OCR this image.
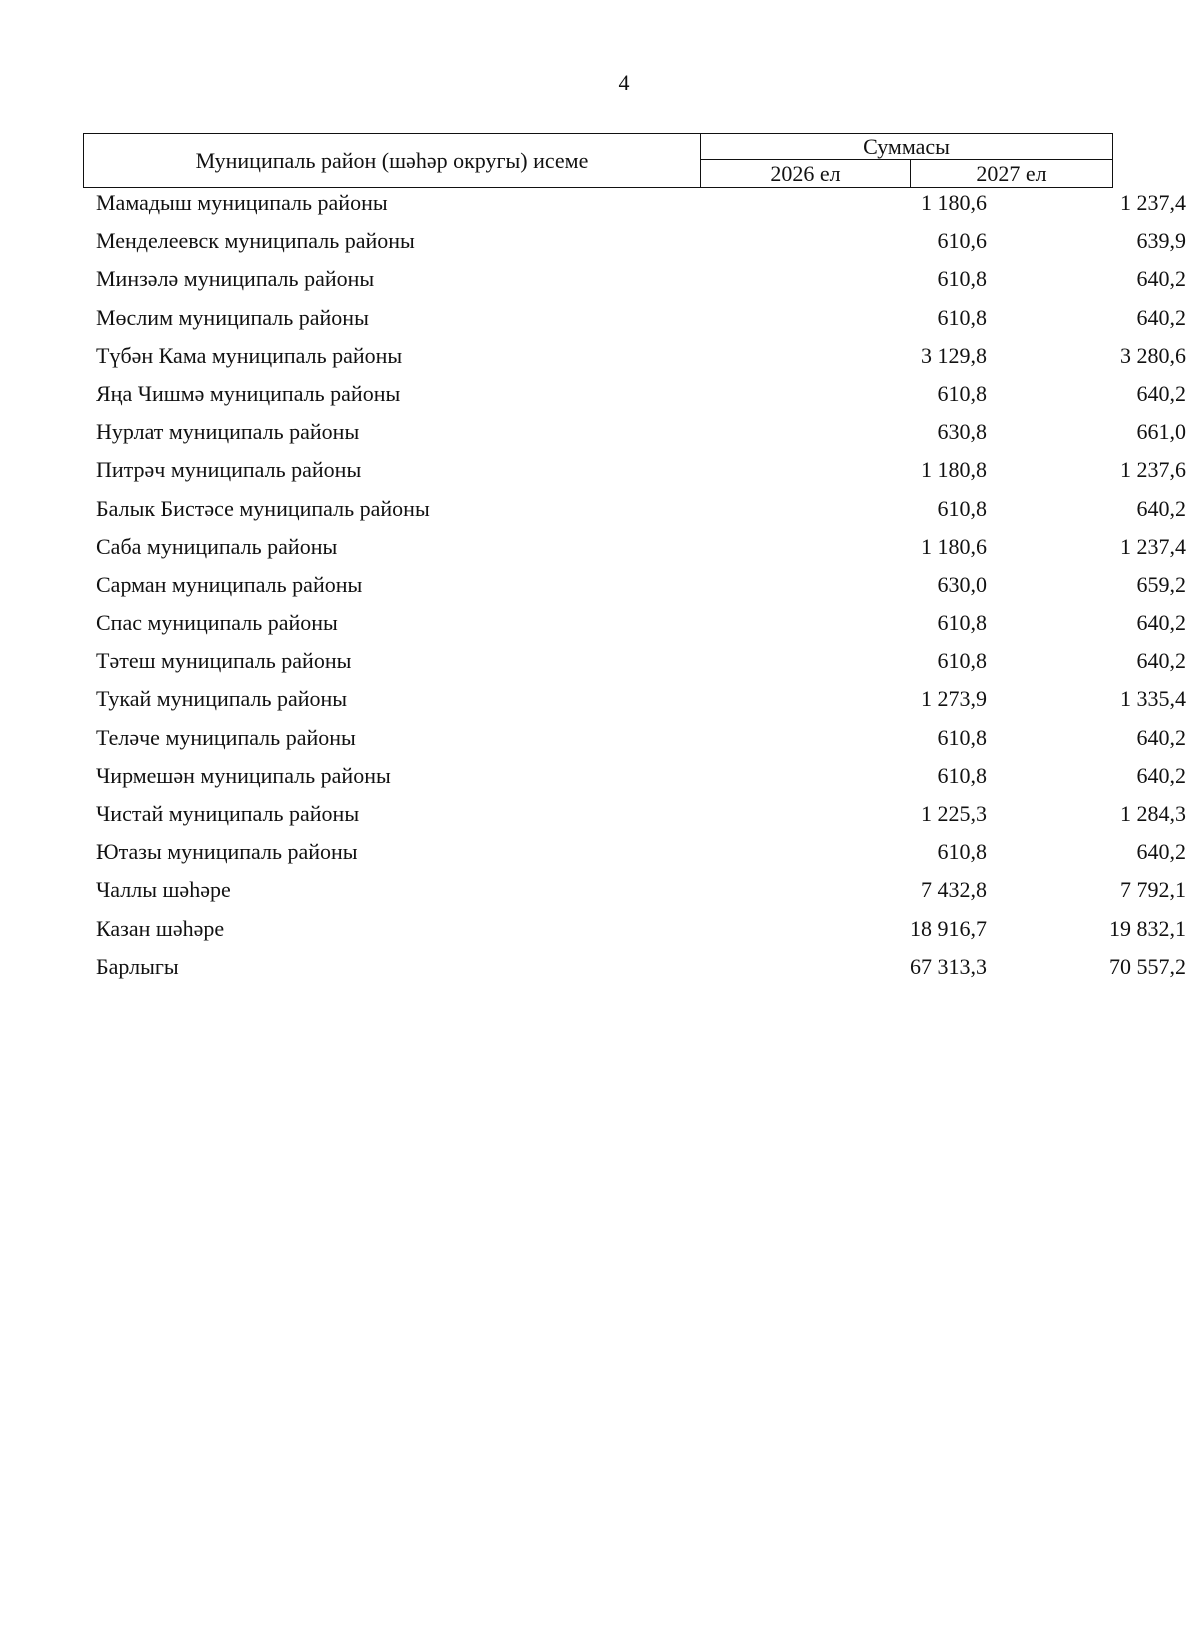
4
Муниципаль район (шәһәр округы) исеме
Суммасы
2026 ел	2027 ел
Мамадыш муниципаль районы	1 180,6	1 237,4
Менделеевск муниципаль районы	610,6	639,9
Минзәлә муниципаль районы	610,8	640,2
Мөслим муниципаль районы	610,8	640,2
Түбән Кама муниципаль районы	3 129,8	3 280,6
Яңа Чишмә муниципаль районы	610,8	640,2
Нурлат муниципаль районы	630,8	661,0
Питрәч муниципаль районы	1 180,8	1 237,6
Балык Бистәсе муниципаль районы	610,8	640,2
Саба муниципаль районы	1 180,6	1 237,4
Сарман муниципаль районы	630,0	659,2
Спас муниципаль районы	610,8	640,2
Тәтеш муниципаль районы	610,8	640,2
Тукай муниципаль районы	1 273,9	1 335,4
Теләче муниципаль районы	610,8	640,2
Чирмешән муниципаль районы	610,8	640,2
Чистай муниципаль районы	1 225,3	1 284,3
Ютазы муниципаль районы	610,8	640,2
Чаллы шәһәре	7 432,8	7 792,1
Казан шәһәре	18 916,7	19 832,1
Барлыгы	67 313,3	70 557,2
